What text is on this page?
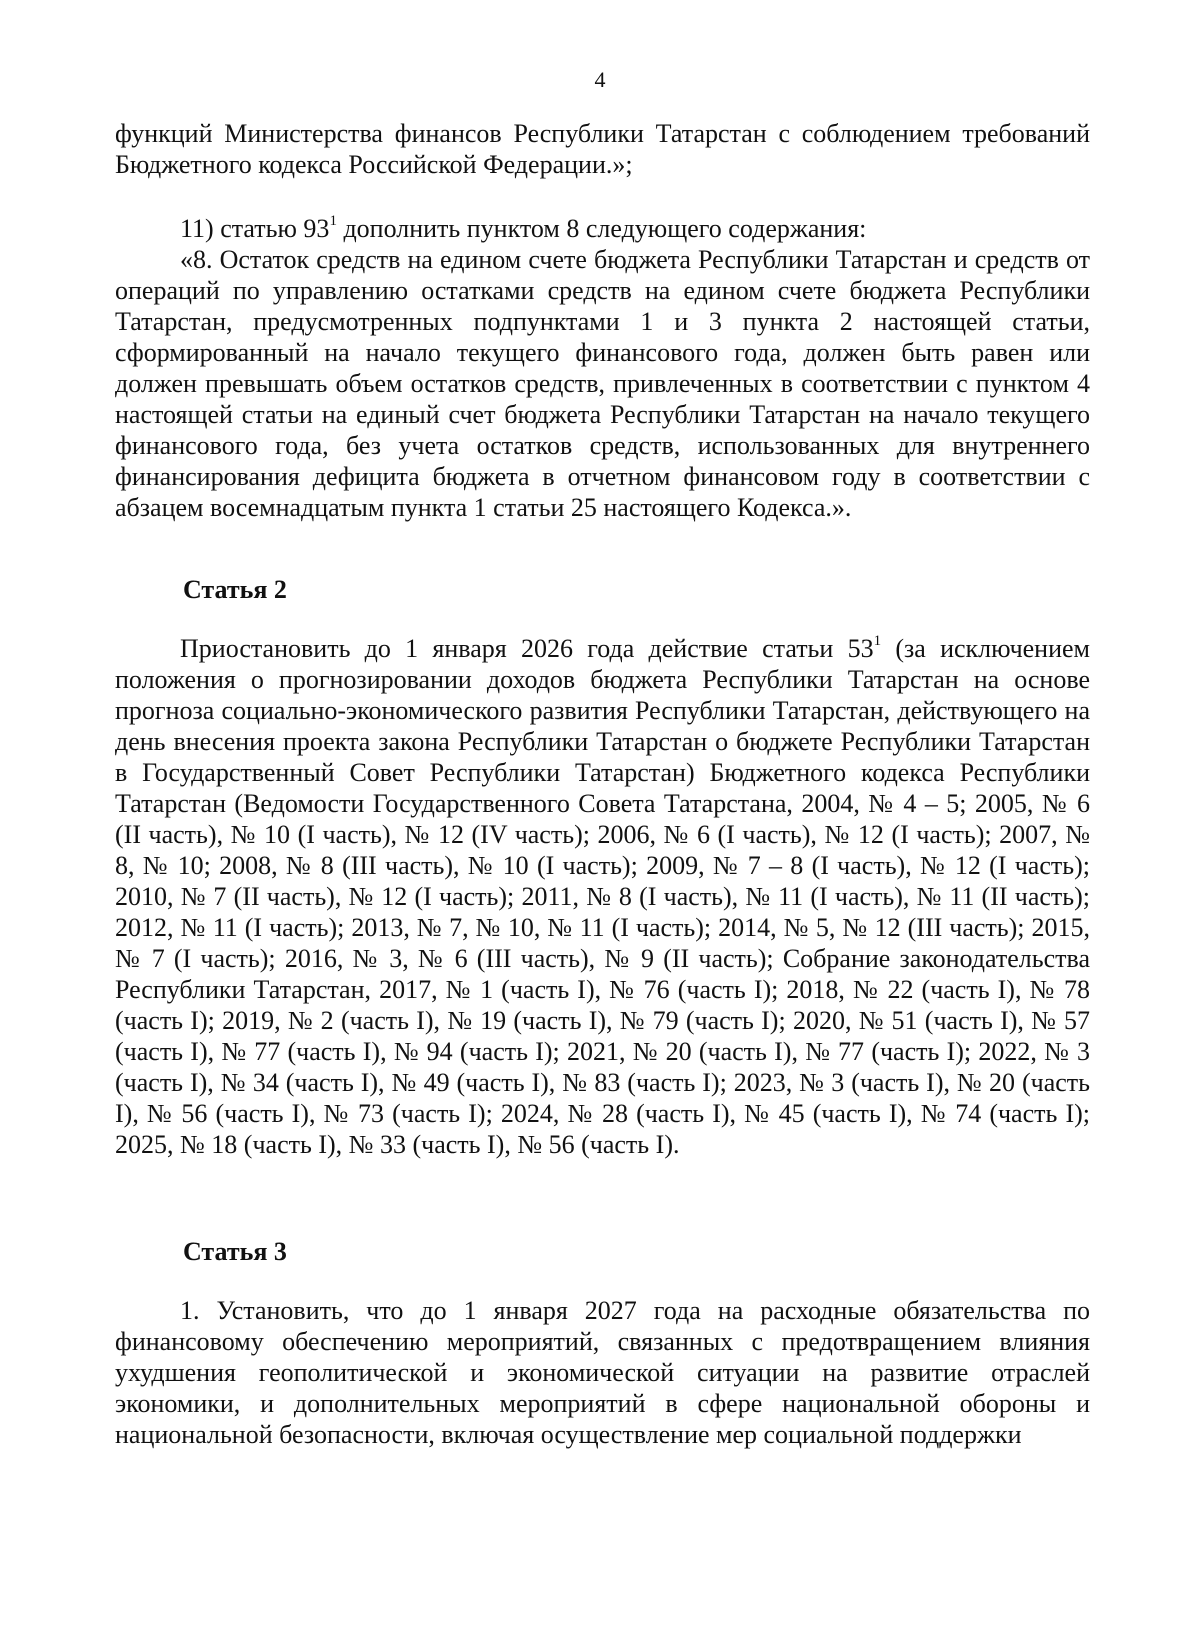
4

функций Министерства финансов Республики Татарстан с соблюдением требований Бюджетного кодекса Российской Федерации.»;

11) статью $93^1$ дополнить пунктом 8 следующего содержания:

«8. Остаток средств на едином счете бюджета Республики Татарстан и средств от операций по управлению остатками средств на едином счете бюджета Республики Татарстан, предусмотренных подпунктами 1 и 3 пункта 2 настоящей статьи, сформированный на начало текущего финансового года, должен быть равен или должен превышать объем остатков средств, привлеченных в соответствии с пунктом 4 настоящей статьи на единый счет бюджета Республики Татарстан на начало текущего финансового года, без учета остатков средств, использованных для внутреннего финансирования дефицита бюджета в отчетном финансовом году в соответствии с абзацем восемнадцатым пункта 1 статьи 25 настоящего Кодекса.».

Статья 2

Приостановить до 1 января 2026 года действие статьи $53^1$ (за исключением положения о прогнозировании доходов бюджета Республики Татарстан на основе прогноза социально-экономического развития Республики Татарстан, действующего на день внесения проекта закона Республики Татарстан о бюджете Республики Татарстан в Государственный Совет Республики Татарстан) Бюджетного кодекса Республики Татарстан (Ведомости Государственного Совета Татарстана, 2004, № 4 – 5; 2005, № 6 (II часть), № 10 (I часть), № 12 (IV часть); 2006, № 6 (I часть), № 12 (I часть); 2007, № 8, № 10; 2008, № 8 (III часть), № 10 (I часть); 2009, № 7 – 8 (I часть), № 12 (I часть); 2010, № 7 (II часть), № 12 (I часть); 2011, № 8 (I часть), № 11 (I часть), № 11 (II часть); 2012, № 11 (I часть); 2013, № 7, № 10, № 11 (I часть); 2014, № 5, № 12 (III часть); 2015, № 7 (I часть); 2016, № 3, № 6 (III часть), № 9 (II часть); Собрание законодательства Республики Татарстан, 2017, № 1 (часть I), № 76 (часть I); 2018, № 22 (часть I), № 78 (часть I); 2019, № 2 (часть I), № 19 (часть I), № 79 (часть I); 2020, № 51 (часть I), № 57 (часть I), № 77 (часть I), № 94 (часть I); 2021, № 20 (часть I), № 77 (часть I); 2022, № 3 (часть I), № 34 (часть I), № 49 (часть I), № 83 (часть I); 2023, № 3 (часть I), № 20 (часть I), № 56 (часть I), № 73 (часть I); 2024, № 28 (часть I), № 45 (часть I), № 74 (часть I); 2025, № 18 (часть I), № 33 (часть I), № 56 (часть I).

Статья 3

1. Установить, что до 1 января 2027 года на расходные обязательства по финансовому обеспечению мероприятий, связанных с предотвращением влияния ухудшения геополитической и экономической ситуации на развитие отраслей экономики, и дополнительных мероприятий в сфере национальной обороны и национальной безопасности, включая осуществление мер социальной поддержки
